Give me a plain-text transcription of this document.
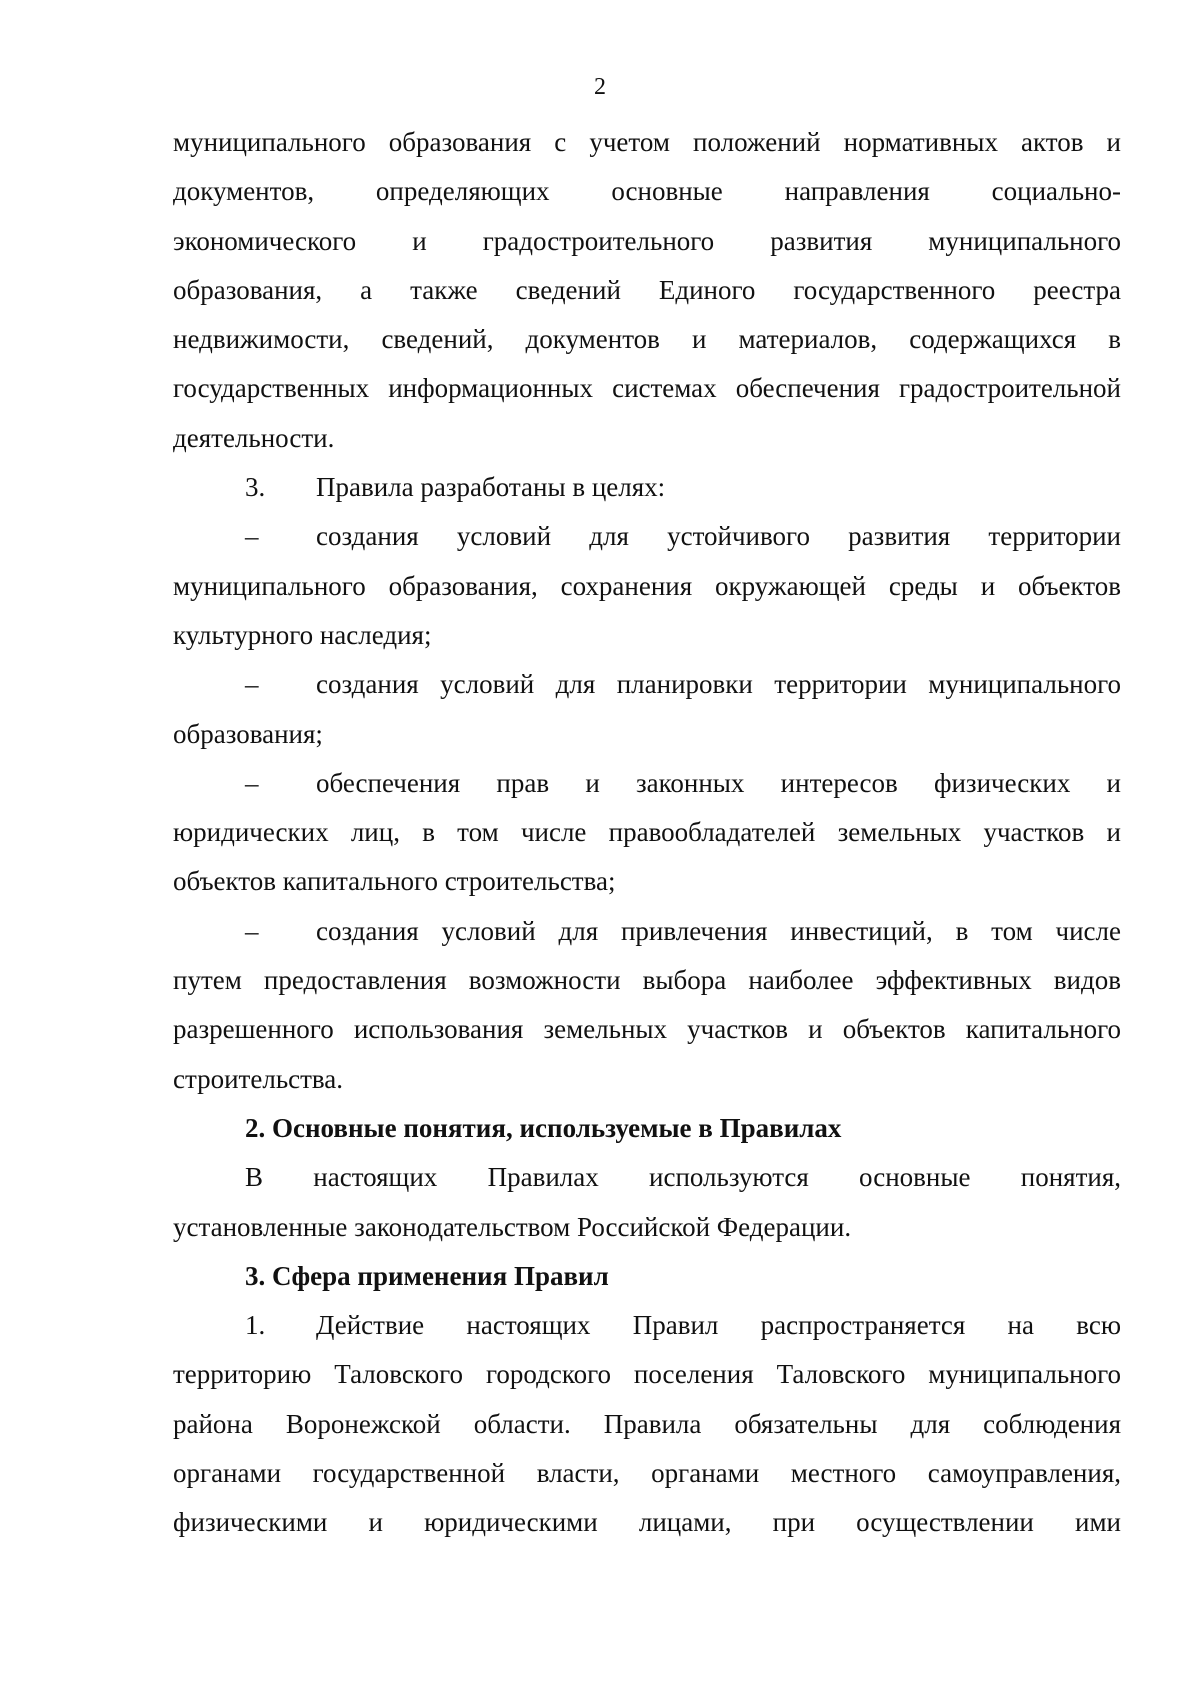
2

муниципального образования с учетом положений нормативных актов и

документов, определяющих основные направления социально-

экономического и градостроительного развития муниципального

образования, а также сведений Единого государственного реестра

недвижимости, сведений, документов и материалов, содержащихся в

государственных информационных системах обеспечения градостроительной

деятельности.

3. Правила разработаны в целях:

– создания условий для устойчивого развития территории

муниципального образования, сохранения окружающей среды и объектов

культурного наследия;

– создания условий для планировки территории муниципального

образования;

– обеспечения прав и законных интересов физических и

юридических лиц, в том числе правообладателей земельных участков и

объектов капитального строительства;

– создания условий для привлечения инвестиций, в том числе

путем предоставления возможности выбора наиболее эффективных видов

разрешенного использования земельных участков и объектов капитального

строительства.

2. Основные понятия, используемые в Правилах

В настоящих Правилах используются основные понятия,

установленные законодательством Российской Федерации.

3. Сфера применения Правил

1. Действие настоящих Правил распространяется на всю

территорию Таловского городского поселения Таловского муниципального

района Воронежской области. Правила обязательны для соблюдения

органами государственной власти, органами местного самоуправления,

физическими и юридическими лицами, при осуществлении ими
